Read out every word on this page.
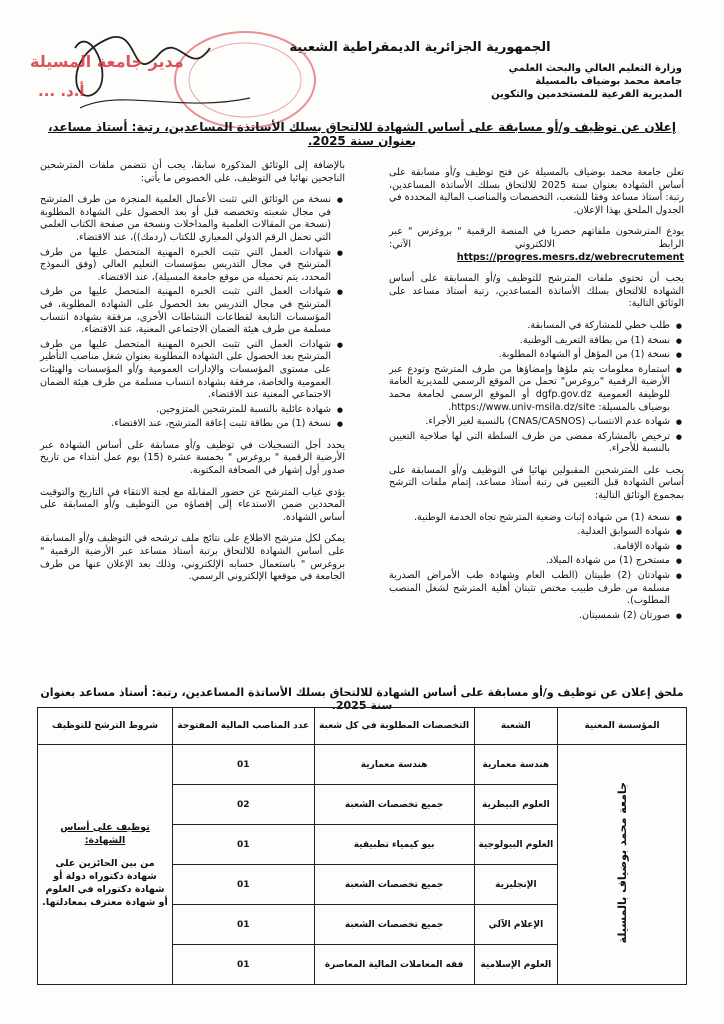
مدير جامعة المسيلة
أ.د. ...
الجمهورية الجزائرية الديمقراطية الشعبية
وزارة التعليم العالي والبحث العلمي
جامعة محمد بوضياف بالمسيلة
المديرية الفرعية للمستخدمين والتكوين
إعلان عن توظيف و/أو مسابقة على أساس الشهادة للالتحاق بسلك الأساتذة المساعدين، رتبة: أستاذ مساعد، بعنوان سنة 2025.

تعلن جامعة محمد بوضياف بالمسيلة عن فتح توظيف و/أو مسابقة على أساس الشهادة بعنوان سنة 2025 للالتحاق بسلك الأساتذة المساعدين، رتبة: أستاذ مساعد وفقا للشعب، التخصصات والمناصب المالية المحددة في الجدول الملحق بهذا الإعلان.

يودع المترشحون ملفاتهم حصريا في المنصة الرقمية " بروغرس " عبر الرابط الالكتروني الآتي: https://progres.mesrs.dz/webrecrutement

يجب أن تحتوي ملفات المترشح للتوظيف و/أو المسابقة على أساس الشهادة للالتحاق بسلك الأساتذة المساعدين، رتبة أستاذ مساعد على الوثائق التالية:

● طلب خطي للمشاركة في المسابقة.
● نسخة (1) من بطاقة التعريف الوطنية.
● نسخة (1) من المؤهل أو الشهادة المطلوبة.
● استمارة معلومات يتم ملؤها وإمضاؤها من طرف المترشح وتودع عبر الأرضية الرقمية "بروغرس" تحمل من الموقع الرسمي للمديرية العامة للوظيفة العمومية dgfp.gov.dz أو الموقع الرسمي لجامعة محمد بوضياف بالمسيلة: https://www.univ-msila.dz/site.
● شهادة عدم الانتساب (CNAS/CASNOS) بالنسبة لغير الأجراء.
● ترخيص بالمشاركة ممضى من طرف السلطة التي لها صلاحية التعيين بالنسبة للأجراء.

يجب على المترشحين المقبولين نهائيا في التوظيف و/أو المسابقة على أساس الشهادة قبل التعيين في رتبة أستاذ مساعد، إتمام ملفات الترشح بمجموع الوثائق التالية:

● نسخة (1) من شهادة إثبات وضعية المترشح تجاه الخدمة الوطنية.
● شهادة السوابق العدلية.
● شهادة الإقامة.
● مستخرج (1) من شهادة الميلاد.
● شهادتان (2) طبيتان (الطب العام وشهادة طب الأمراض الصدرية مسلمة من طرف طبيب مختص تثبتان أهلية المترشح لشغل المنصب المطلوب).
● صورتان (2) شمسيتان.

بالإضافة إلى الوثائق المذكورة سابقا، يجب أن تتضمن ملفات المترشحين الناجحين نهائيا في التوظيف، على الخصوص ما يأتي:

● نسخة من الوثائق التي تثبت الأعمال العلمية المنجزة من طرف المترشح في مجال شعبته وتخصصه قبل أو بعد الحصول على الشهادة المطلوبة (نسخة من المقالات العلمية والمداخلات ونسخة من صفحة الكتاب العلمي التي تحمل الرقم الدولي المعياري للكتاب (ردمك))، عند الاقتضاء.
● شهادات العمل التي تثبت الخبرة المهنية المتحصل عليها من طرف المترشح في مجال التدريس بمؤسسات التعليم العالي (وفق النموذج المحدد، يتم تحميله من موقع جامعة المسيلة)، عند الاقتضاء.
● شهادات العمل التي تثبت الخبرة المهنية المتحصل عليها من طرف المترشح في مجال التدريس بعد الحصول على الشهادة المطلوبة، في المؤسسات التابعة لقطاعات النشاطات الأخرى، مرفقة بشهادة انتساب مسلمة من طرف هيئة الضمان الاجتماعي المعنية، عند الاقتضاء.
● شهادات العمل التي تثبت الخبرة المهنية المتحصل عليها من طرف المترشح بعد الحصول على الشهادة المطلوبة بعنوان شغل مناصب التأطير على مستوى المؤسسات والإدارات العمومية و/أو المؤسسات والهيئات العمومية والخاصة، مرفقة بشهادة انتساب مسلمة من طرف هيئة الضمان الاجتماعي المعنية عند الاقتضاء.
● شهادة عائلية بالنسبة للمترشحين المتزوجين.
● نسخة (1) من بطاقة تثبت إعاقة المترشح، عند الاقتضاء.

يحدد أجل التسجيلات في توظيف و/أو مسابقة على أساس الشهادة عبر الأرضية الرقمية " بروغرس " بخمسة عشرة (15) يوم عمل ابتداء من تاريخ صدور أول إشهار في الصحافة المكتوبة.

يؤدي غياب المترشح عن حضور المقابلة مع لجنة الانتقاء في التاريخ والتوقيت المحددين ضمن الاستدعاء إلى إقصاؤه من التوظيف و/أو المسابقة على أساس الشهادة.

يمكن لكل مترشح الاطلاع على نتائج ملف ترشحه في التوظيف و/أو المسابقة على أساس الشهادة للالتحاق برتبة أستاذ مساعد عبر الأرضية الرقمية " بروغرس " باستعمال حسابه الإلكتروني، وذلك بعد الإعلان عنها من طرف الجامعة في موقعها الإلكتروني الرسمي.

ملحق إعلان عن توظيف و/أو مسابقة على أساس الشهادة للالتحاق بسلك الأساتذة المساعدين، رتبة: أستاذ مساعد بعنوان سنة 2025.
المؤسسة المعنية	الشعبة	التخصصات المطلوبة في كل شعبة	عدد المناصب المالية المفتوحة	شروط الترشح للتوظيف
جامعة محمد بوضياف بالمسيلة	هندسة معمارية	هندسة معمارية	01	توظيف على أساس الشهادة:
من بين الحائزين على شهادة دكتوراه دولة أو شهادة دكتوراه في العلوم أو شهادة معترف بمعادلتها.
	العلوم البيطرية	جميع تخصصات الشعبة	02	
	العلوم البيولوجية	بيو كيمياء تطبيقية	01	
	الإنجليزية	جميع تخصصات الشعبة	01	
	الإعلام الآلي	جميع تخصصات الشعبة	01	
	العلوم الإسلامية	فقه المعاملات المالية المعاصرة	01	
